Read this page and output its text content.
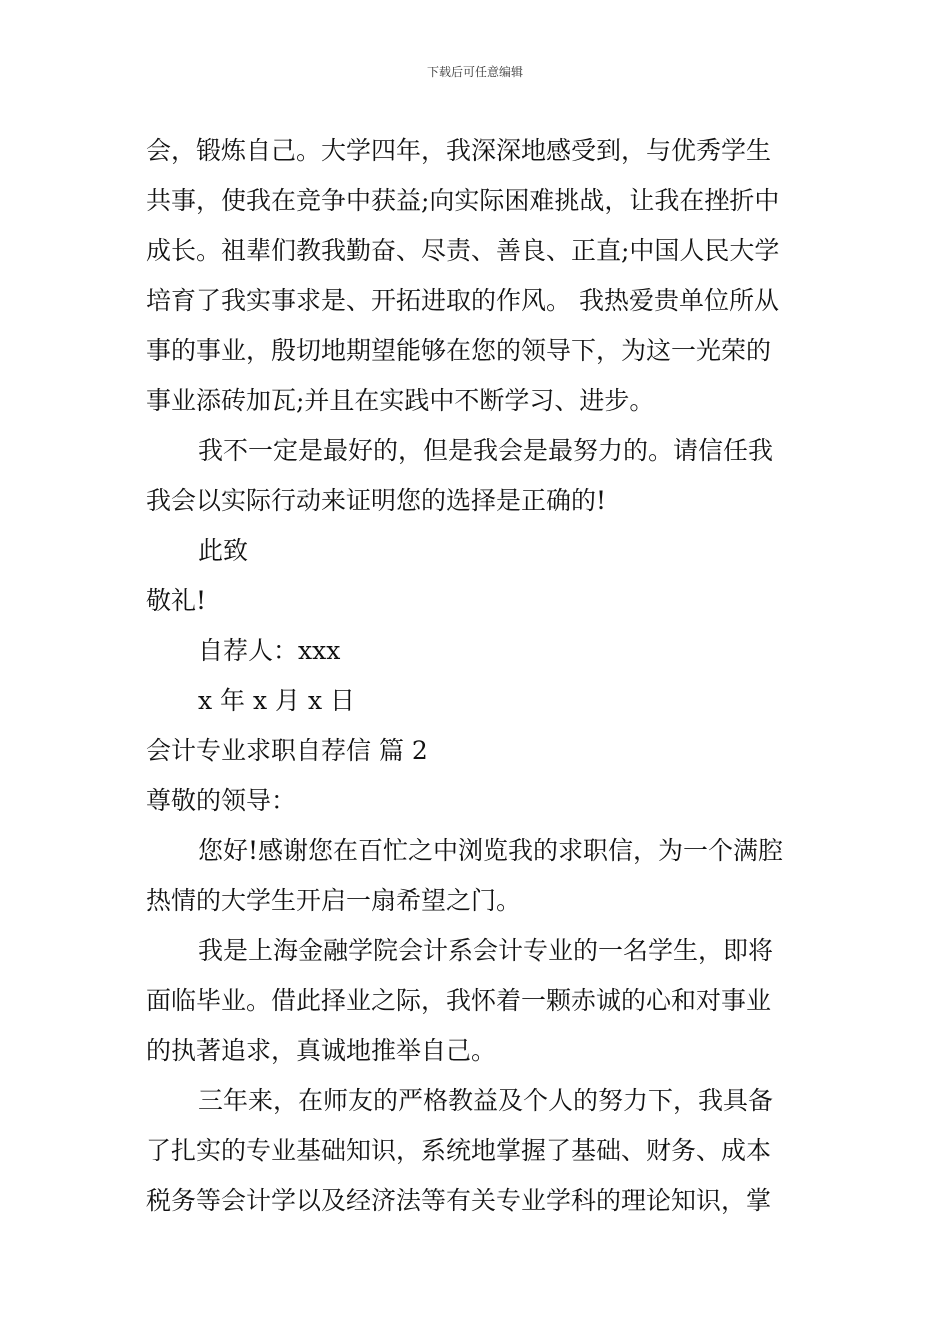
下载后可任意编辑
会，锻炼自己。大学四年，我深深地感受到，与优秀学生
共事，使我在竞争中获益;向实际困难挑战，让我在挫折中
成长。祖辈们教我勤奋、尽责、善良、正直;中国人民大学
培育了我实事求是、开拓进取的作风。 我热爱贵单位所从
事的事业，殷切地期望能够在您的领导下，为这一光荣的
事业添砖加瓦;并且在实践中不断学习、进步。
我不一定是最好的，但是我会是最努力的。请信任我
我会以实际行动来证明您的选择是正确的!
此致
敬礼!
自荐人：xxx
x 年 x 月 x 日
会计专业求职自荐信 篇 2
尊敬的领导：
您好!感谢您在百忙之中浏览我的求职信，为一个满腔
热情的大学生开启一扇希望之门。
我是上海金融学院会计系会计专业的一名学生，即将
面临毕业。借此择业之际，我怀着一颗赤诚的心和对事业
的执著追求，真诚地推举自己。
三年来，在师友的严格教益及个人的努力下，我具备
了扎实的专业基础知识，系统地掌握了基础、财务、成本
税务等会计学以及经济法等有关专业学科的理论知识，掌
